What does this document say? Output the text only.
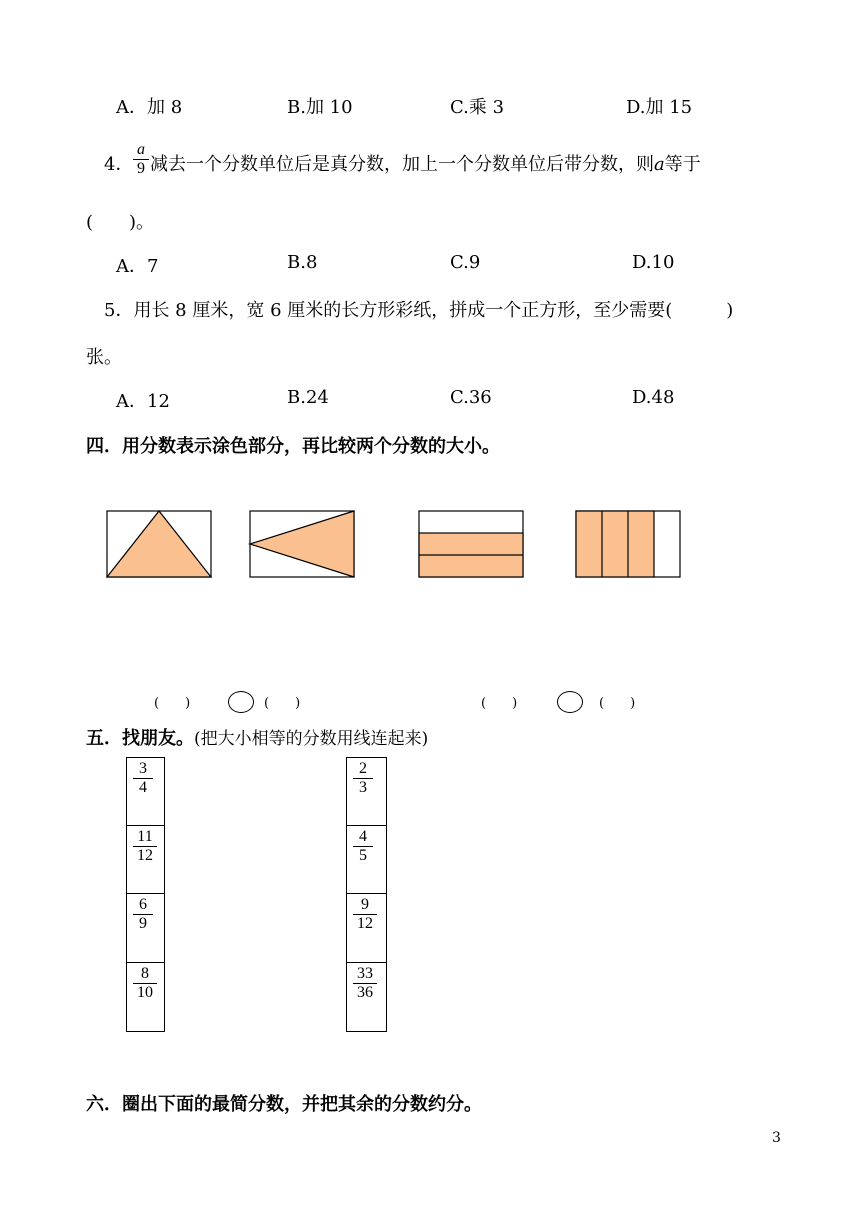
A．加 8	B.加 10	C.乘 3	D.加 15
4．
a
9 减去一个分数单位后是真分数，加上一个分数单位后带分数，则a等于
(　　)。
A．7	B.8	C.9	D.10
5．用长 8 厘米，宽 6 厘米的长方形彩纸，拼成一个正方形，至少需要(　　　)
张。
A．12	B.24	C.36	D.48
四．用分数表示涂色部分，再比较两个分数的大小。
(　　)	(　　)	(　　)	(　　)
五．找朋友。(把大小相等的分数用线连起来)
3
4
11
12
6
9
8
10
2
3
4
5
9
12
33
36
六．圈出下面的最简分数，并把其余的分数约分。
3
